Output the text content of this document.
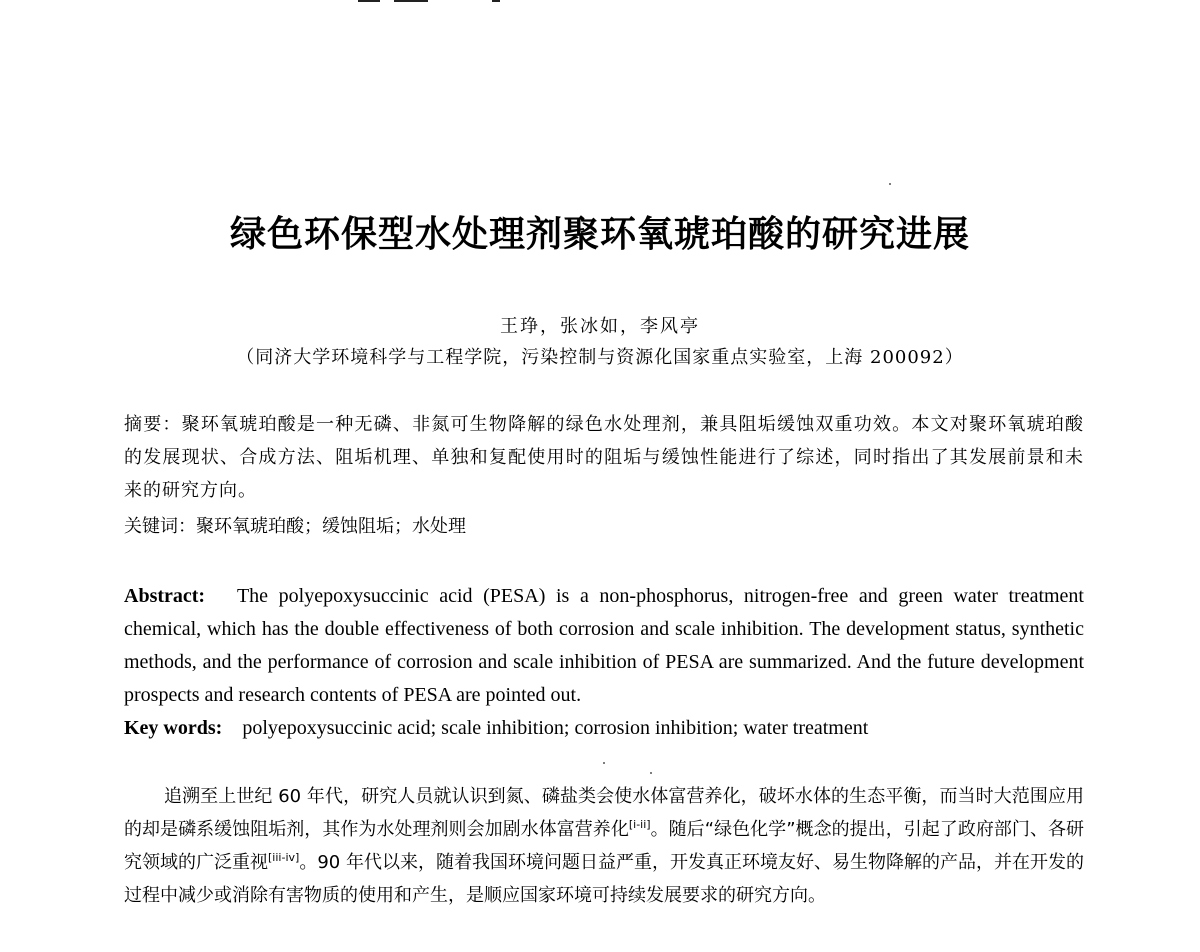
绿色环保型水处理剂聚环氧琥珀酸的研究进展
王琤，张冰如，李风亭
（同济大学环境科学与工程学院，污染控制与资源化国家重点实验室，上海 200092）

摘要：聚环氧琥珀酸是一种无磷、非氮可生物降解的绿色水处理剂，兼具阻垢缓蚀双重功效。本文对聚环氧琥珀酸的发展现状、合成方法、阻垢机理、单独和复配使用时的阻垢与缓蚀性能进行了综述，同时指出了其发展前景和未来的研究方向。

关键词：聚环氧琥珀酸；缓蚀阻垢；水处理

Abstract: The polyepoxysuccinic acid (PESA) is a non-phosphorus, nitrogen-free and green water treatment chemical, which has the double effectiveness of both corrosion and scale inhibition. The development status, synthetic methods, and the performance of corrosion and scale inhibition of PESA are summarized. And the future development prospects and research contents of PESA are pointed out.

Key words: polyepoxysuccinic acid; scale inhibition; corrosion inhibition; water treatment

追溯至上世纪 60 年代，研究人员就认识到氮、磷盐类会使水体富营养化，破坏水体的生态平衡，而当时大范围应用的却是磷系缓蚀阻垢剂，其作为水处理剂则会加剧水体富营养化[i-ii]。随后“绿色化学”概念的提出，引起了政府部门、各研究领域的广泛重视[iii-iv]。90 年代以来，随着我国环境问题日益严重，开发真正环境友好、易生物降解的产品，并在开发的过程中减少或消除有害物质的使用和产生，是顺应国家环境可持续发展要求的研究方向。
